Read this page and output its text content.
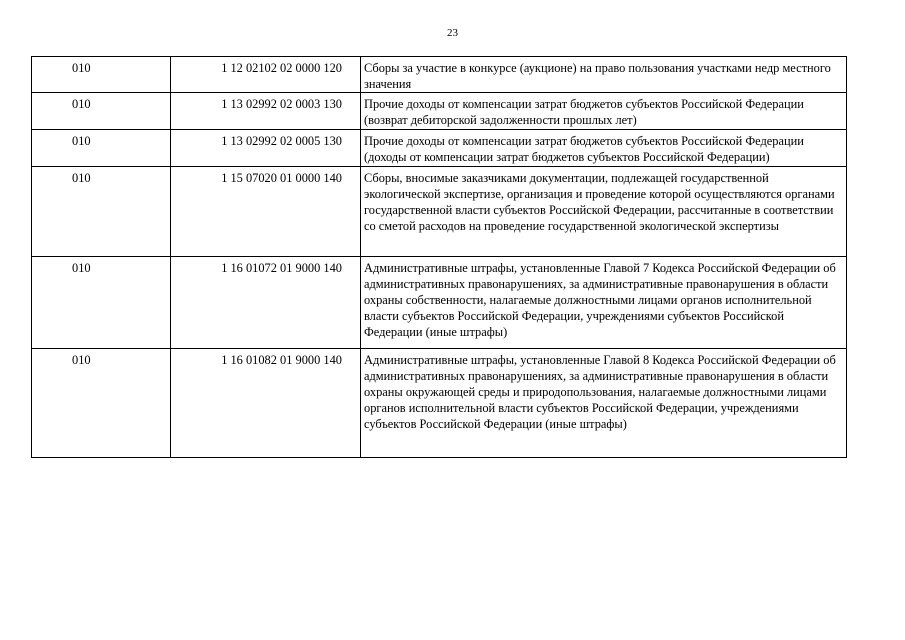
23
010	1 12 02102 02 0000 120	Сборы за участие в конкурсе (аукционе) на право пользования участками недр местного значения
010	1 13 02992 02 0003 130	Прочие доходы от компенсации затрат бюджетов субъектов Российской Федерации (возврат дебиторской задолженности прошлых лет)
010	1 13 02992 02 0005 130	Прочие доходы от компенсации затрат бюджетов субъектов Российской Федерации (доходы от компенсации затрат бюджетов субъектов Российской Федерации)
010	1 15 07020 01 0000 140	Сборы, вносимые заказчиками документации, подлежащей государственной экологической экспертизе, организация и проведение которой осуществляются органами государственной власти субъектов Российской Федерации, рассчитанные в соответствии со сметой расходов на проведение государственной экологической экспертизы
010	1 16 01072 01 9000 140	Административные штрафы, установленные Главой 7 Кодекса Российской Федерации об административных правонарушениях, за административные правонарушения в области охраны собственности, налагаемые должностными лицами органов исполнительной власти субъектов Российской Федерации, учреждениями субъектов Российской Федерации (иные штрафы)
010	1 16 01082 01 9000 140	Административные штрафы, установленные Главой 8 Кодекса Российской Федерации об административных правонарушениях, за административные правонарушения в области охраны окружающей среды и природопользования, налагаемые должностными лицами органов исполнительной власти субъектов Российской Федерации, учреждениями субъектов Российской Федерации (иные штрафы)
